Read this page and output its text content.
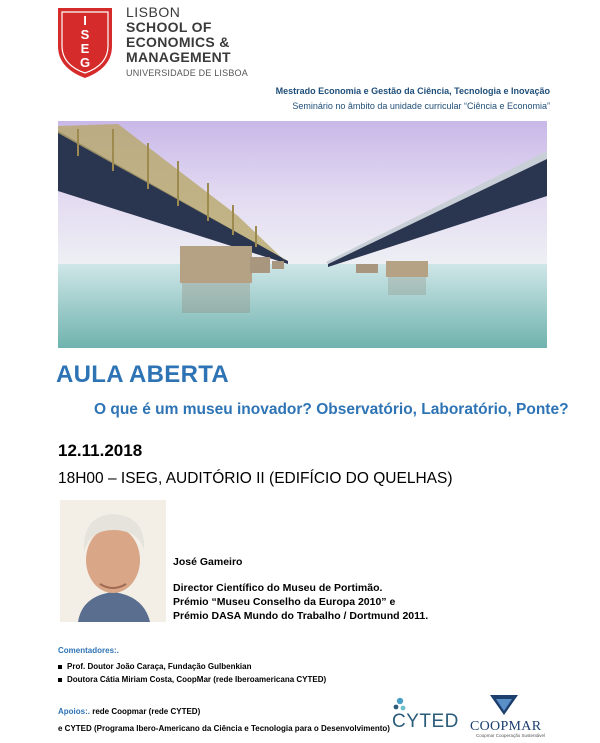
I
S
E
G
LISBON
SCHOOL OF
ECONOMICS &
MANAGEMENT
UNIVERSIDADE DE LISBOA
Mestrado Economia e Gestão da Ciência, Tecnologia e Inovação
Seminário no âmbito da unidade curricular “Ciência e Economia”
AULA ABERTA
O que é um museu inovador? Observatório, Laboratório, Ponte?
12.11.2018
18H00 – ISEG, AUDITÓRIO II (EDIFÍCIO DO QUELHAS)
José Gameiro
Director Científico do Museu de Portimão.
Prémio “Museu Conselho da Europa 2010” e
Prémio DASA Mundo do Trabalho / Dortmund 2011.
Comentadores:.
Prof. Doutor João Caraça, Fundação Gulbenkian
Doutora Cátia Miriam Costa, CoopMar (rede Iberoamericana CYTED)
Apoios:. rede Coopmar (rede CYTED)
e CYTED (Programa Ibero-Americano da Ciência e Tecnologia para o Desenvolvimento) CYTED COOPMAR
Coopmar Cooperação Sustentável
